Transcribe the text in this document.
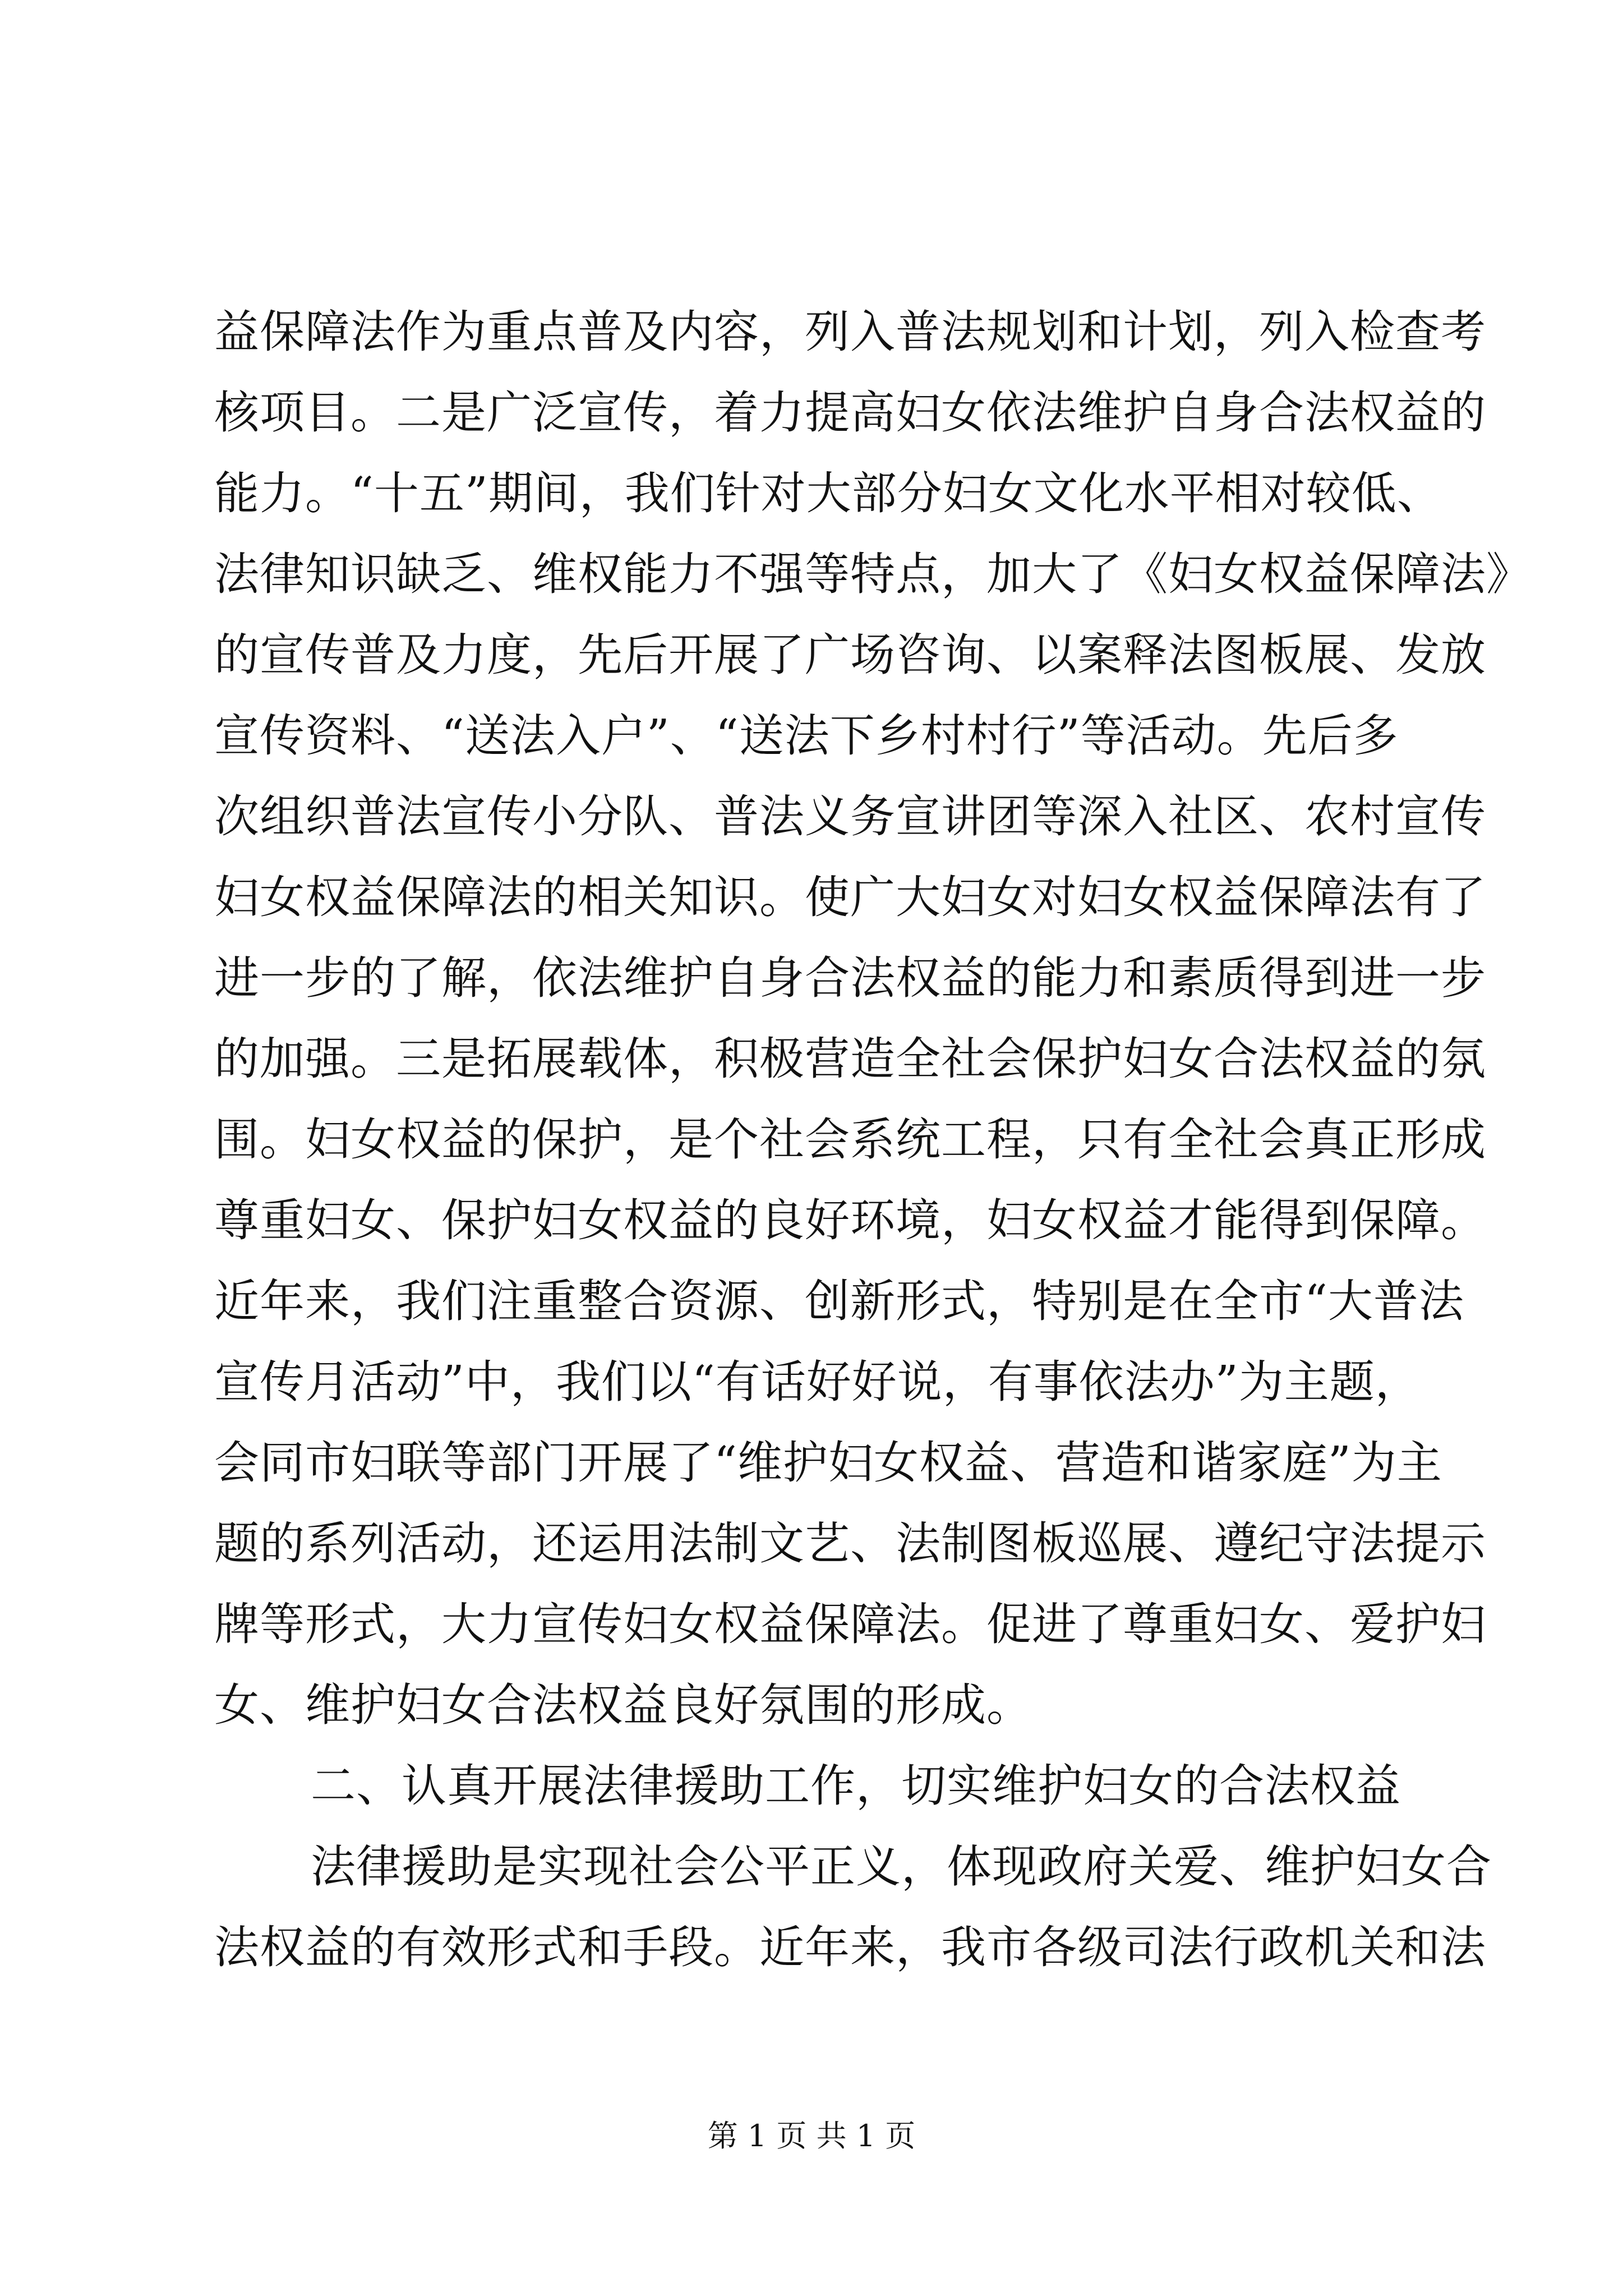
益保障法作为重点普及内容，列入普法规划和计划，列入检查考
核项目。二是广泛宣传，着力提高妇女依法维护自身合法权益的
能力。“十五”期间，我们针对大部分妇女文化水平相对较低、
法律知识缺乏、维权能力不强等特点，加大了《妇女权益保障法》
的宣传普及力度，先后开展了广场咨询、以案释法图板展、发放
宣传资料、“送法入户”、“送法下乡村村行”等活动。先后多
次组织普法宣传小分队、普法义务宣讲团等深入社区、农村宣传
妇女权益保障法的相关知识。使广大妇女对妇女权益保障法有了
进一步的了解，依法维护自身合法权益的能力和素质得到进一步
的加强。三是拓展载体，积极营造全社会保护妇女合法权益的氛
围。妇女权益的保护，是个社会系统工程，只有全社会真正形成
尊重妇女、保护妇女权益的良好环境，妇女权益才能得到保障。
近年来，我们注重整合资源、创新形式，特别是在全市“大普法
宣传月活动”中，我们以“有话好好说，有事依法办”为主题，
会同市妇联等部门开展了“维护妇女权益、营造和谐家庭”为主
题的系列活动，还运用法制文艺、法制图板巡展、遵纪守法提示
牌等形式，大力宣传妇女权益保障法。促进了尊重妇女、爱护妇
女、维护妇女合法权益良好氛围的形成。
二、认真开展法律援助工作，切实维护妇女的合法权益
法律援助是实现社会公平正义，体现政府关爱、维护妇女合
法权益的有效形式和手段。近年来，我市各级司法行政机关和法
第 1 页 共 1 页
